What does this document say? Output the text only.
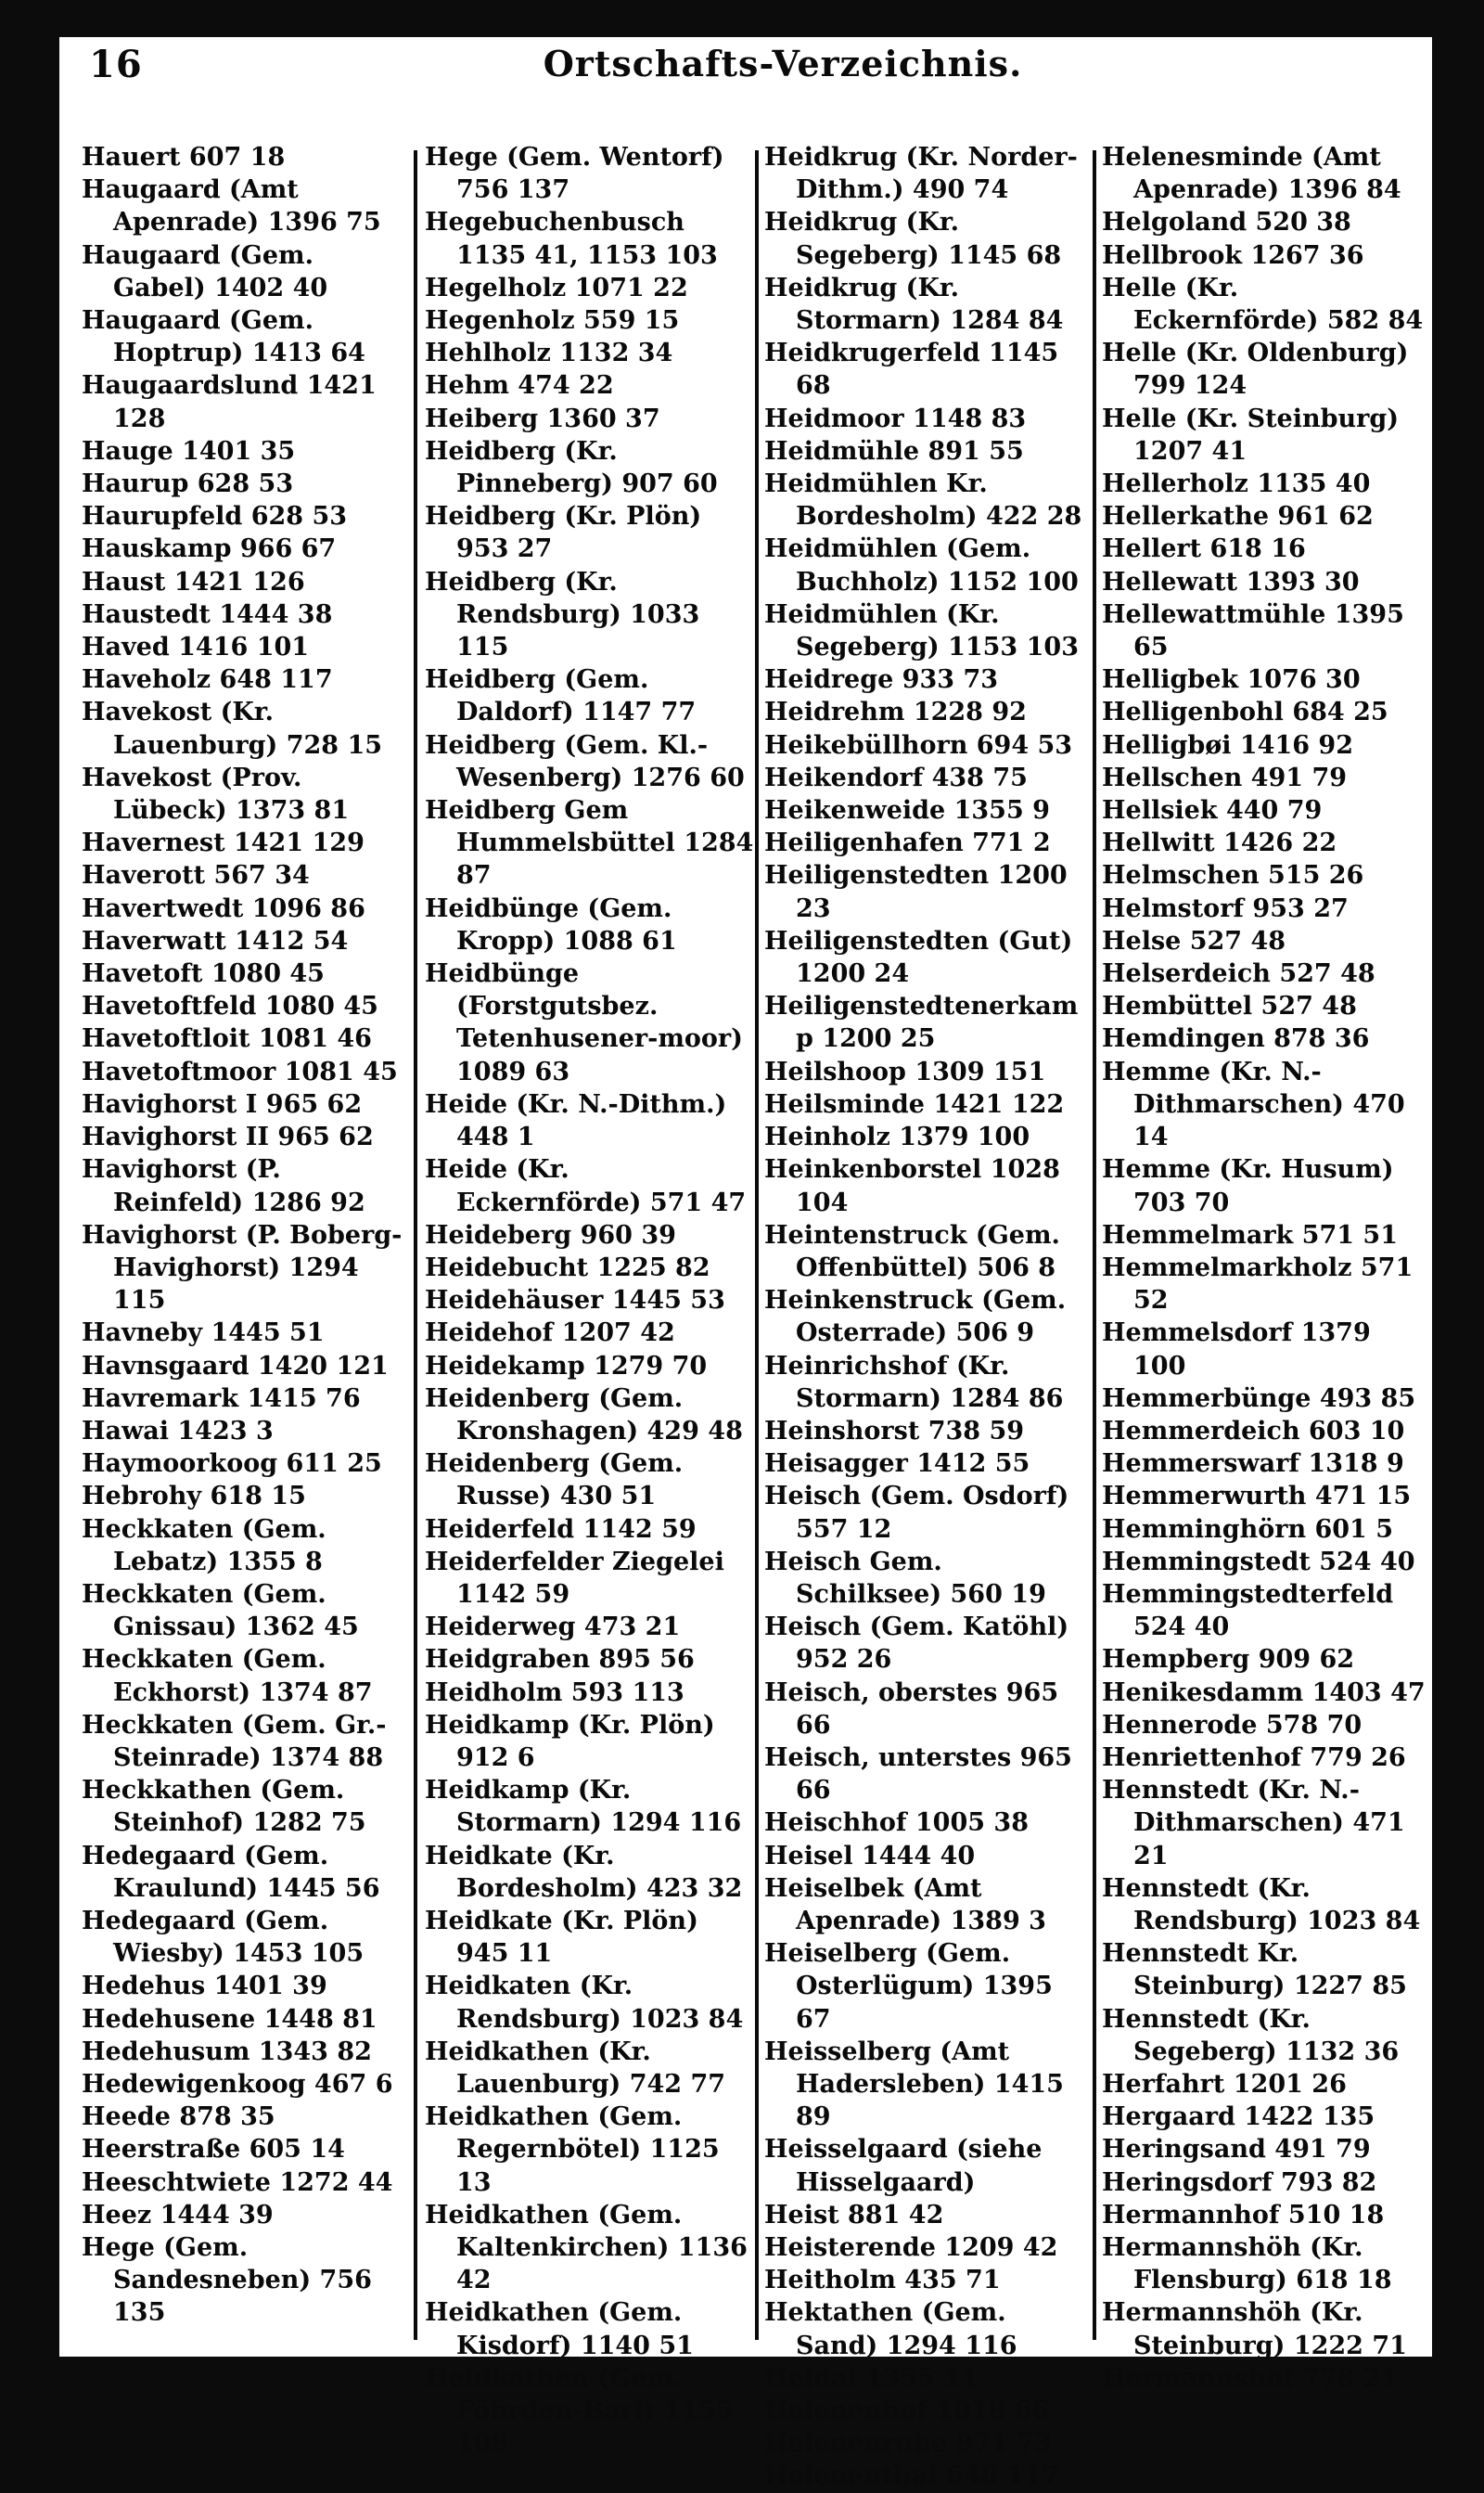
16	Ortschafts-Verzeichnis.
Hauert 607 18
Haugaard (Amt Apenrade) 1396 75
Haugaard (Gem. Gabel) 1402 40
Haugaard (Gem. Hoptrup) 1413 64
Haugaardslund 1421 128
Hauge 1401 35
Haurup 628 53
Haurupfeld 628 53
Hauskamp 966 67
Haust 1421 126
Haustedt 1444 38
Haved 1416 101
Haveholz 648 117
Havekost (Kr. Lauenburg) 728 15
Havekost (Prov. Lübeck) 1373 81
Havernest 1421 129
Haverott 567 34
Havertwedt 1096 86
Haverwatt 1412 54
Havetoft 1080 45
Havetoftfeld 1080 45
Havetoftloit 1081 46
Havetoftmoor 1081 45
Havighorst I 965 62
Havighorst II 965 62
Havighorst (P. Reinfeld) 1286 92
Havighorst (P. Boberg-Havighorst) 1294 115
Havneby 1445 51
Havnsgaard 1420 121
Havremark 1415 76
Hawai 1423 3
Haymoorkoog 611 25
Hebrohy 618 15
Heckkaten (Gem. Lebatz) 1355 8
Heckkaten (Gem. Gnissau) 1362 45
Heckkaten (Gem. Eckhorst) 1374 87
Heckkaten (Gem. Gr.-Steinrade) 1374 88
Heckkathen (Gem. Steinhof) 1282 75
Hedegaard (Gem. Kraulund) 1445 56
Hedegaard (Gem. Wiesby) 1453 105
Hedehus 1401 39
Hedehusene 1448 81
Hedehusum 1343 82
Hedewigenkoog 467 6
Heede 878 35
Heerstraße 605 14
Heeschtwiete 1272 44
Heez 1444 39
Hege (Gem. Sandesneben) 756 135
Hege (Gem. Wentorf) 756 137
Hegebuchenbusch 1135 41, 1153 103
Hegelholz 1071 22
Hegenholz 559 15
Hehlholz 1132 34
Hehm 474 22
Heiberg 1360 37
Heidberg (Kr. Pinneberg) 907 60
Heidberg (Kr. Plön) 953 27
Heidberg (Kr. Rendsburg) 1033 115
Heidberg (Gem. Daldorf) 1147 77
Heidberg (Gem. Kl.-Wesenberg) 1276 60
Heidberg Gem Hummelsbüttel 1284 87
Heidbünge (Gem. Kropp) 1088 61
Heidbünge (Forstgutsbez. Tetenhusener-moor) 1089 63
Heide (Kr. N.-Dithm.) 448 1
Heide (Kr. Eckernförde) 571 47
Heideberg 960 39
Heidebucht 1225 82
Heidehäuser 1445 53
Heidehof 1207 42
Heidekamp 1279 70
Heidenberg (Gem. Kronshagen) 429 48
Heidenberg (Gem. Russe) 430 51
Heiderfeld 1142 59
Heiderfelder Ziegelei 1142 59
Heiderweg 473 21
Heidgraben 895 56
Heidholm 593 113
Heidkamp (Kr. Plön) 912 6
Heidkamp (Kr. Stormarn) 1294 116
Heidkate (Kr. Bordesholm) 423 32
Heidkate (Kr. Plön) 945 11
Heidkaten (Kr. Rendsburg) 1023 84
Heidkathen (Kr. Lauenburg) 742 77
Heidkathen (Gem. Regernbötel) 1125 13
Heidkathen (Gem. Kaltenkirchen) 1136 42
Heidkathen (Gem. Kisdorf) 1140 51
Heidkathen (Gem. Föhrden-Barl) 1155 108
Heidkrug (Kr. Norder-Dithm.) 490 74
Heidkrug (Kr. Segeberg) 1145 68
Heidkrug (Kr. Stormarn) 1284 84
Heidkrugerfeld 1145 68
Heidmoor 1148 83
Heidmühle 891 55
Heidmühlen Kr. Bordesholm) 422 28
Heidmühlen (Gem. Buchholz) 1152 100
Heidmühlen (Kr. Segeberg) 1153 103
Heidrege 933 73
Heidrehm 1228 92
Heikebüllhorn 694 53
Heikendorf 438 75
Heikenweide 1355 9
Heiligenhafen 771 2
Heiligenstedten 1200 23
Heiligenstedten (Gut) 1200 24
Heiligenstedtenerkamp 1200 25
Heilshoop 1309 151
Heilsminde 1421 122
Heinholz 1379 100
Heinkenborstel 1028 104
Heintenstruck (Gem. Offenbüttel) 506 8
Heinkenstruck (Gem. Osterrade) 506 9
Heinrichshof (Kr. Stormarn) 1284 86
Heinshorst 738 59
Heisagger 1412 55
Heisch (Gem. Osdorf) 557 12
Heisch Gem. Schilksee) 560 19
Heisch (Gem. Katöhl) 952 26
Heisch, oberstes 965 66
Heisch, unterstes 965 66
Heischhof 1005 38
Heisel 1444 40
Heiselbek (Amt Apenrade) 1389 3
Heiselberg (Gem. Osterlügum) 1395 67
Heisselberg (Amt Hadersleben) 1415 89
Heisselgaard (siehe Hisselgaard)
Heist 881 42
Heisterende 1209 42
Heitholm 435 71
Hektathen (Gem. Sand) 1294 116
Heldal 1355 11
Helenenhof 1018 66
Helenenruhe 971 73
Helenenthal 648 117
Helenesminde (Amt Apenrade) 1396 84
Helgoland 520 38
Hellbrook 1267 36
Helle (Kr. Eckernförde) 582 84
Helle (Kr. Oldenburg) 799 124
Helle (Kr. Steinburg) 1207 41
Hellerholz 1135 40
Hellerkathe 961 62
Hellert 618 16
Hellewatt 1393 30
Hellewattmühle 1395 65
Helligbek 1076 30
Helligenbohl 684 25
Helligbøi 1416 92
Hellschen 491 79
Hellsiek 440 79
Hellwitt 1426 22
Helmschen 515 26
Helmstorf 953 27
Helse 527 48
Helserdeich 527 48
Hembüttel 527 48
Hemdingen 878 36
Hemme (Kr. N.-Dithmarschen) 470 14
Hemme (Kr. Husum) 703 70
Hemmelmark 571 51
Hemmelmarkholz 571 52
Hemmelsdorf 1379 100
Hemmerbünge 493 85
Hemmerdeich 603 10
Hemmerswarf 1318 9
Hemmerwurth 471 15
Hemminghörn 601 5
Hemmingstedt 524 40
Hemmingstedterfeld 524 40
Hempberg 909 62
Henikesdamm 1403 47
Hennerode 578 70
Henriettenhof 779 26
Hennstedt (Kr. N.-Dithmarschen) 471 21
Hennstedt (Kr. Rendsburg) 1023 84
Hennstedt Kr. Steinburg) 1227 85
Hennstedt (Kr. Segeberg) 1132 36
Herfahrt 1201 26
Hergaard 1422 135
Heringsand 491 79
Heringsdorf 793 82
Hermannhof 510 18
Hermannshöh (Kr. Flensburg) 618 18
Hermannshöh (Kr. Steinburg) 1222 71
Hermannshof 778 21
